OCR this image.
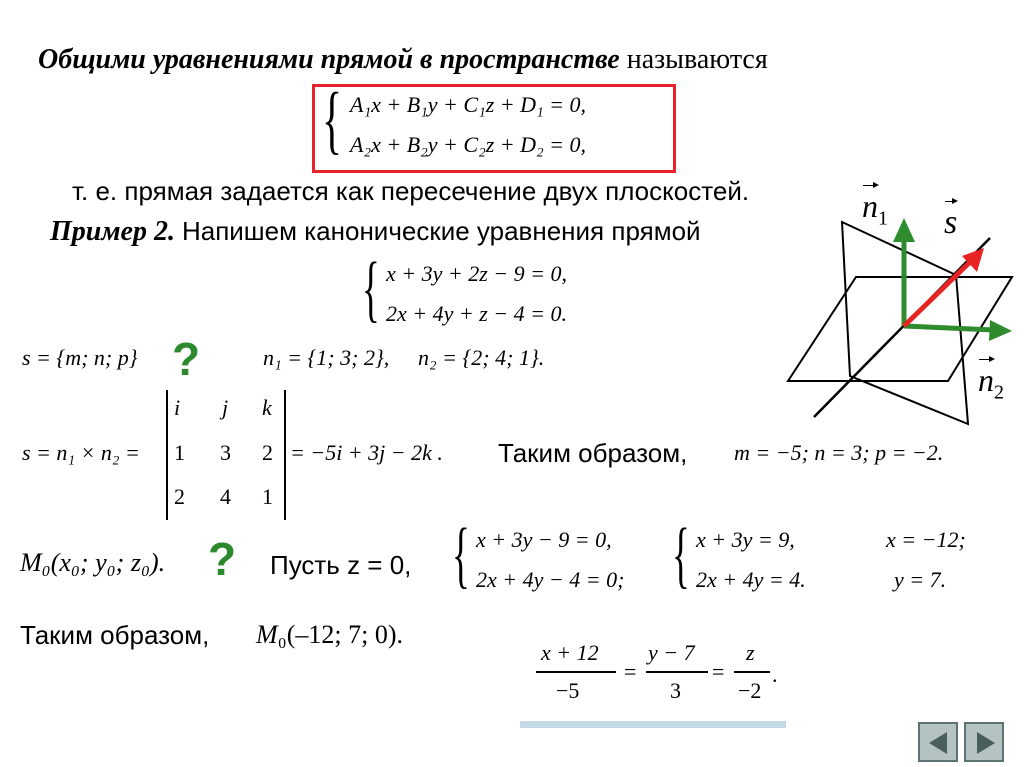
Общими уравнениями прямой в пространстве называются
{ A₁x + B₁y + C₁z + D₁ = 0,
A₂x + B₂y + C₂z + D₂ = 0,
т. е. прямая задается как пересечение двух плоскостей.
Пример 2. Напишем канонические уравнения прямой
{ x + 3y + 2z − 9 = 0,
2x + 4y + z − 4 = 0.
s = {m; n; p} ?	n₁ = {1; 3; 2}, n₂ = {2; 4; 1}.
s = n₁ × n₂ =
i j k
1 3 2
2 4 1
= −5i + 3j − 2k . Таким образом, m = −5; n = 3; p = −2.
M₀(x₀; y₀; z₀). ? Пусть z = 0, { x + 3y − 9 = 0,
2x + 4y − 4 = 0; { x + 3y = 9,
2x + 4y = 4.
x = −12;
y = 7.
Таким образом, M₀(–12; 7; 0).
x + 12
−5
=
y − 7
3
=
z
−2
.
$n_1$ s
$n_2$
